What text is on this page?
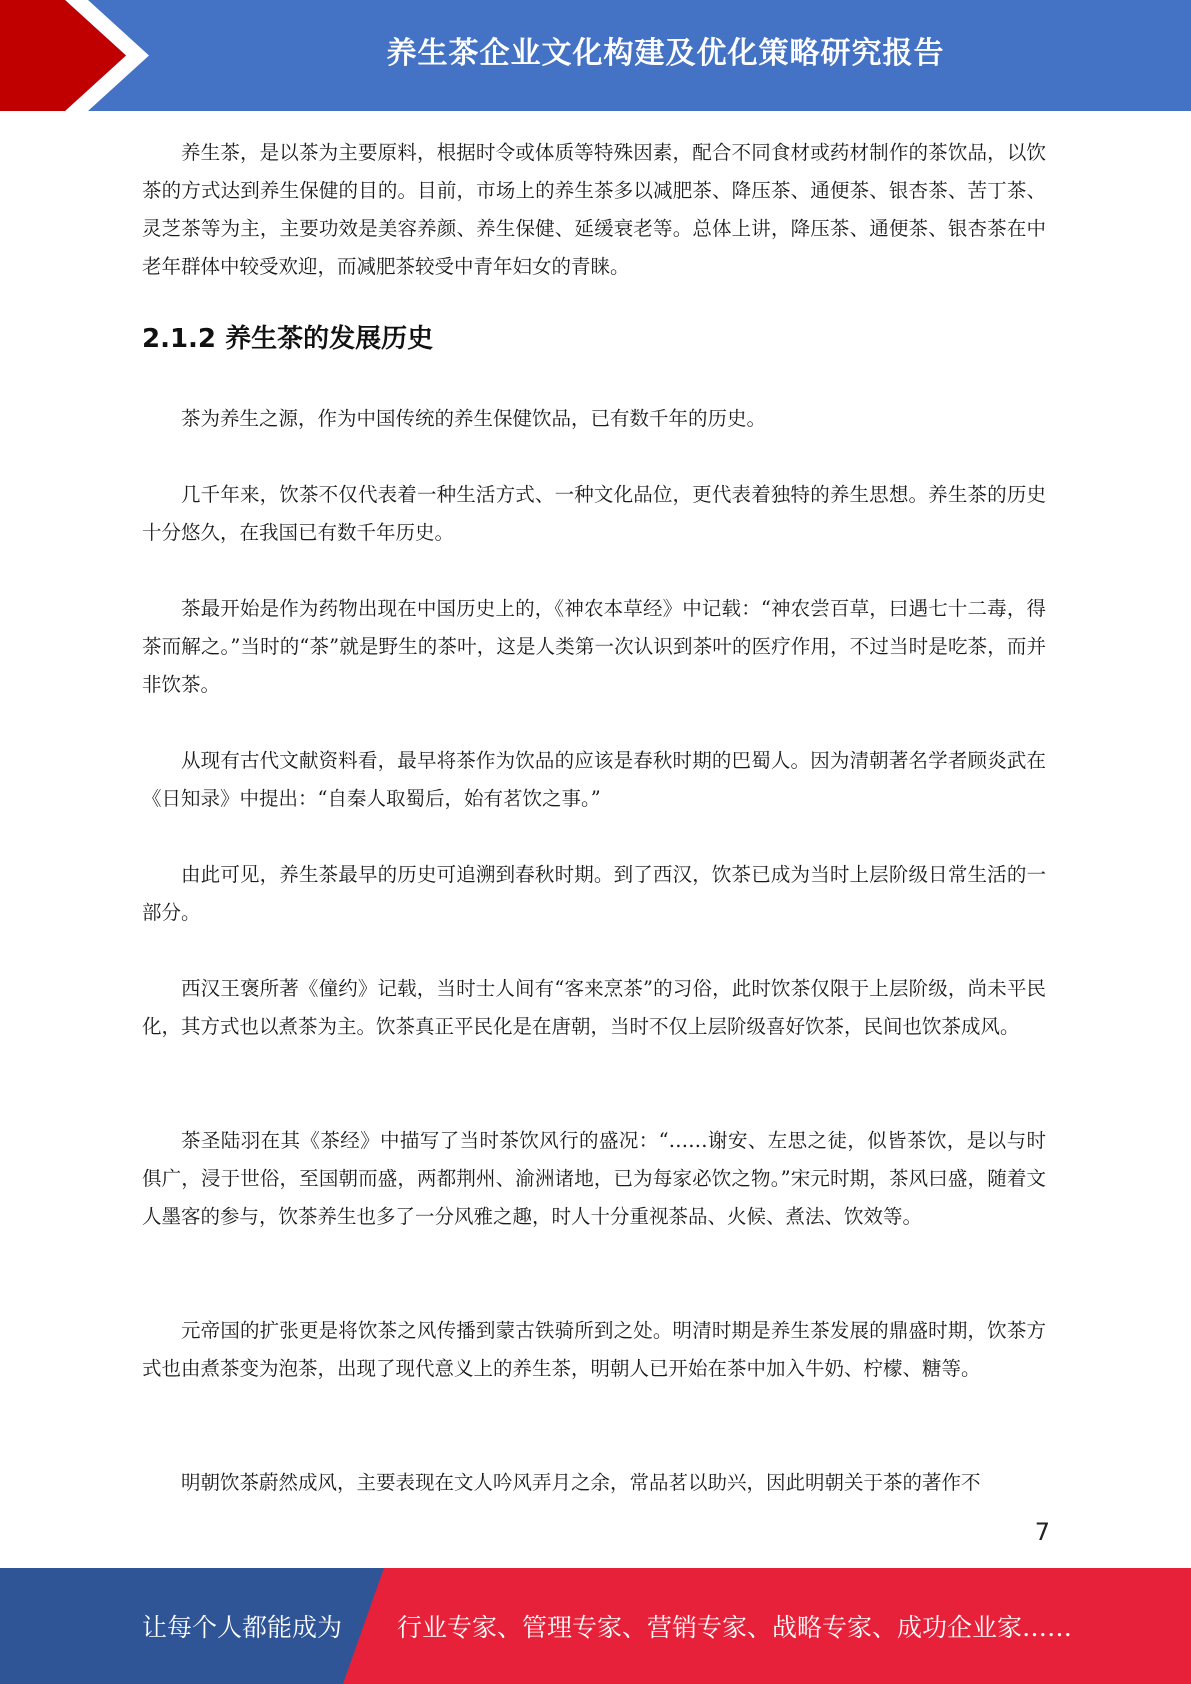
养生茶企业文化构建及优化策略研究报告

养生茶，是以茶为主要原料，根据时令或体质等特殊因素，配合不同食材或药材制作的茶饮品，以饮茶的方式达到养生保健的目的。目前，市场上的养生茶多以减肥茶、降压茶、通便茶、银杏茶、苦丁茶、灵芝茶等为主，主要功效是美容养颜、养生保健、延缓衰老等。总体上讲，降压茶、通便茶、银杏茶在中老年群体中较受欢迎，而减肥茶较受中青年妇女的青睐。

2.1.2 养生茶的发展历史

茶为养生之源，作为中国传统的养生保健饮品，已有数千年的历史。

几千年来，饮茶不仅代表着一种生活方式、一种文化品位，更代表着独特的养生思想。养生茶的历史十分悠久，在我国已有数千年历史。

茶最开始是作为药物出现在中国历史上的，《神农本草经》中记载：“神农尝百草，曰遇七十二毒，得茶而解之。”当时的“茶”就是野生的茶叶，这是人类第一次认识到茶叶的医疗作用，不过当时是吃茶，而并非饮茶。

从现有古代文献资料看，最早将茶作为饮品的应该是春秋时期的巴蜀人。因为清朝著名学者顾炎武在《日知录》中提出：“自秦人取蜀后，始有茗饮之事。”

由此可见，养生茶最早的历史可追溯到春秋时期。到了西汉，饮茶已成为当时上层阶级日常生活的一部分。

西汉王褒所著《僮约》记载，当时士人间有“客来烹茶”的习俗，此时饮茶仅限于上层阶级，尚未平民化，其方式也以煮茶为主。饮茶真正平民化是在唐朝，当时不仅上层阶级喜好饮茶，民间也饮茶成风。

茶圣陆羽在其《茶经》中描写了当时茶饮风行的盛况：“……谢安、左思之徒，似皆茶饮，是以与时俱广，浸于世俗，至国朝而盛，两都荆州、渝洲诸地，已为每家必饮之物。”宋元时期，茶风曰盛，随着文人墨客的参与，饮茶养生也多了一分风雅之趣，时人十分重视茶品、火候、煮法、饮效等。

元帝国的扩张更是将饮茶之风传播到蒙古铁骑所到之处。明清时期是养生茶发展的鼎盛时期，饮茶方式也由煮茶变为泡茶，出现了现代意义上的养生茶，明朝人已开始在茶中加入牛奶、柠檬、糖等。

明朝饮茶蔚然成风，主要表现在文人吟风弄月之余，常品茗以助兴，因此明朝关于茶的著作不

7
让每个人都能成为 行业专家、管理专家、营销专家、战略专家、成功企业家……
